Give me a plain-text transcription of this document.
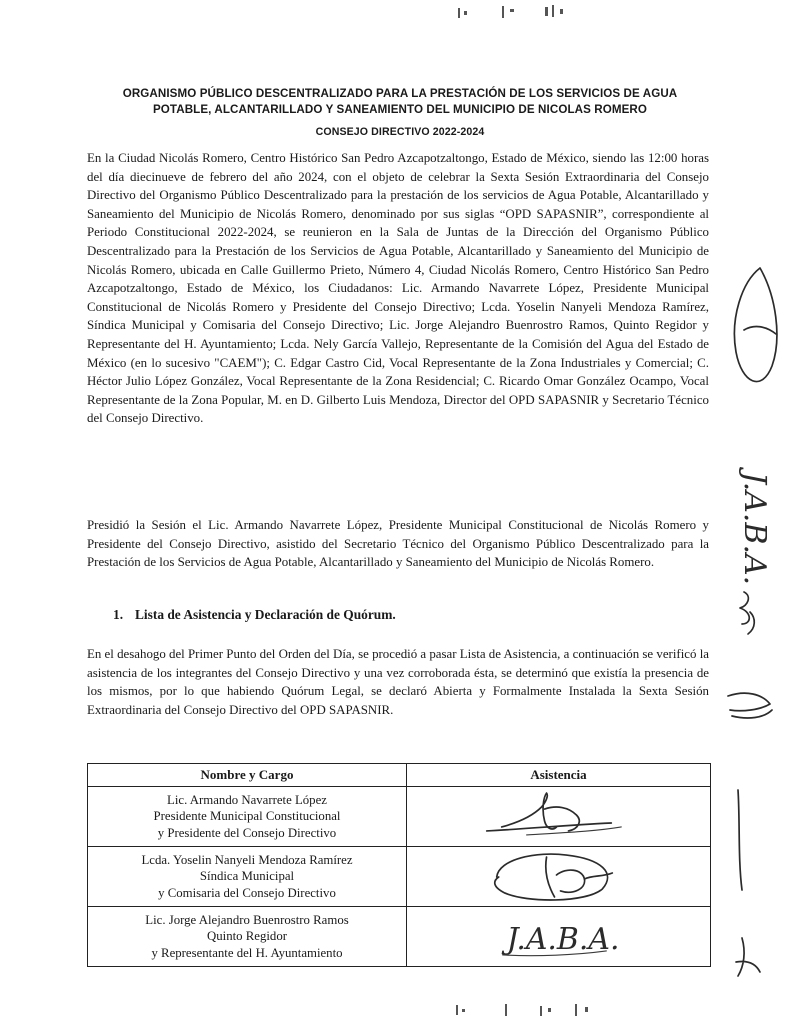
ORGANISMO PÚBLICO DESCENTRALIZADO PARA LA PRESTACIÓN DE LOS SERVICIOS DE AGUA
POTABLE, ALCANTARILLADO Y SANEAMIENTO DEL MUNICIPIO DE NICOLAS ROMERO
CONSEJO DIRECTIVO 2022-2024

En la Ciudad Nicolás Romero, Centro Histórico San Pedro Azcapotzaltongo, Estado de México, siendo las 12:00 horas del día diecinueve de febrero del año 2024, con el objeto de celebrar la Sexta Sesión Extraordinaria del Consejo Directivo del Organismo Público Descentralizado para la prestación de los servicios de Agua Potable, Alcantarillado y Saneamiento del Municipio de Nicolás Romero, denominado por sus siglas “OPD SAPASNIR”, correspondiente al Periodo Constitucional 2022-2024, se reunieron en la Sala de Juntas de la Dirección del Organismo Público Descentralizado para la Prestación de los Servicios de Agua Potable, Alcantarillado y Saneamiento del Municipio de Nicolás Romero, ubicada en Calle Guillermo Prieto, Número 4, Ciudad Nicolás Romero, Centro Histórico San Pedro Azcapotzaltongo, Estado de México, los Ciudadanos: Lic. Armando Navarrete López, Presidente Municipal Constitucional de Nicolás Romero y Presidente del Consejo Directivo; Lcda. Yoselin Nanyeli Mendoza Ramírez, Síndica Municipal y Comisaria del Consejo Directivo; Lic. Jorge Alejandro Buenrostro Ramos, Quinto Regidor y Representante del H. Ayuntamiento; Lcda. Nely García Vallejo, Representante de la Comisión del Agua del Estado de México (en lo sucesivo "CAEM"); C. Edgar Castro Cid, Vocal Representante de la Zona Industriales y Comercial; C. Héctor Julio López González, Vocal Representante de la Zona Residencial; C. Ricardo Omar González Ocampo, Vocal Representante de la Zona Popular, M. en D. Gilberto Luis Mendoza, Director del OPD SAPASNIR y Secretario Técnico del Consejo Directivo.

Presidió la Sesión el Lic. Armando Navarrete López, Presidente Municipal Constitucional de Nicolás Romero y Presidente del Consejo Directivo, asistido del Secretario Técnico del Organismo Público Descentralizado para la Prestación de los Servicios de Agua Potable, Alcantarillado y Saneamiento del Municipio de Nicolás Romero.

1. Lista de Asistencia y Declaración de Quórum.

En el desahogo del Primer Punto del Orden del Día, se procedió a pasar Lista de Asistencia, a continuación se verificó la asistencia de los integrantes del Consejo Directivo y una vez corroborada ésta, se determinó que existía la presencia de los mismos, por lo que habiendo Quórum Legal, se declaró Abierta y Formalmente Instalada la Sexta Sesión Extraordinaria del Consejo Directivo del OPD SAPASNIR.

Nombre y Cargo	Asistencia

Lic. Armando Navarrete López
Presidente Municipal Constitucional
y Presidente del Consejo Directivo

Lcda. Yoselin Nanyeli Mendoza Ramírez
Síndica Municipal
y Comisaria del Consejo Directivo

Lic. Jorge Alejandro Buenrostro Ramos
Quinto Regidor
y Representante del H. Ayuntamiento	J.A.B.A.
J.A.B.A.
